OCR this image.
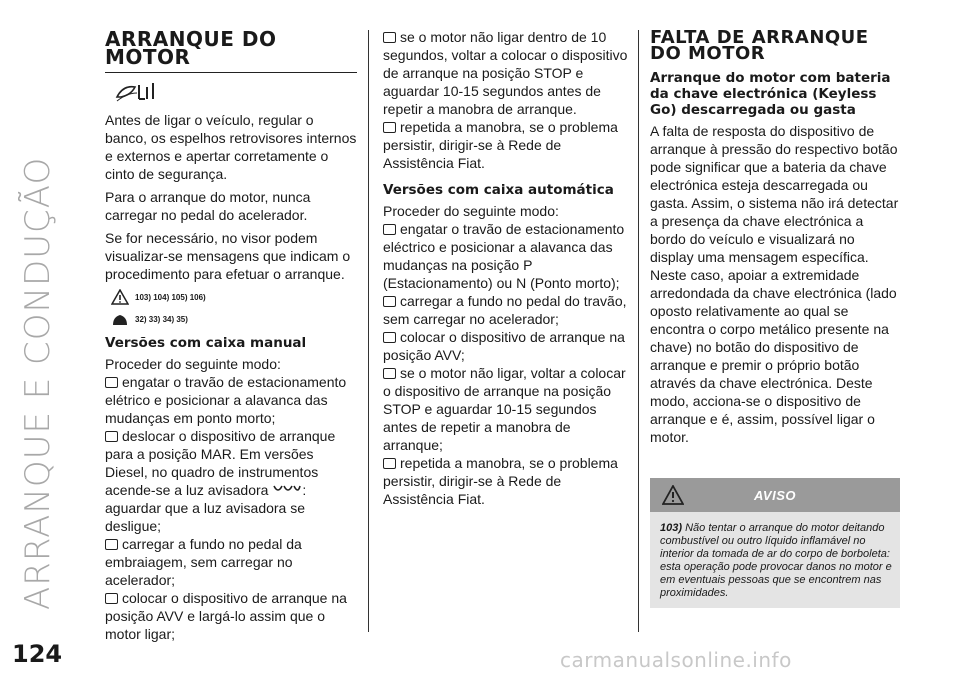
ARRANQUE E CONDUÇÃO
124	carmanualsonline.info
ARRANQUE DO MOTOR

Antes de ligar o veículo, regular o banco, os espelhos retrovisores internos e externos e apertar corretamente o cinto de segurança.

Para o arranque do motor, nunca carregar no pedal do acelerador.

Se for necessário, no visor podem visualizar-se mensagens que indicam o procedimento para efetuar o arranque.

103) 104) 105) 106)
32) 33) 34) 35)
Versões com caixa manual
Proceder do seguinte modo:
engatar o travão de estacionamento elétrico e posicionar a alavanca das mudanças em ponto morto;
deslocar o dispositivo de arranque para a posição MAR. Em versões Diesel, no quadro de instrumentos acende-se a luz avisadora :
aguardar que a luz avisadora se desligue;
carregar a fundo no pedal da embraiagem, sem carregar no acelerador;
colocar o dispositivo de arranque na posição AVV e largá-lo assim que o motor ligar;
se o motor não ligar dentro de 10 segundos, voltar a colocar o dispositivo de arranque na posição STOP e aguardar 10-15 segundos antes de repetir a manobra de arranque.
repetida a manobra, se o problema persistir, dirigir-se à Rede de Assistência Fiat.
Versões com caixa automática
Proceder do seguinte modo:
engatar o travão de estacionamento eléctrico e posicionar a alavanca das mudanças na posição P (Estacionamento) ou N (Ponto morto);
carregar a fundo no pedal do travão, sem carregar no acelerador;
colocar o dispositivo de arranque na posição AVV;
se o motor não ligar, voltar a colocar o dispositivo de arranque na posição STOP e aguardar 10-15 segundos antes de repetir a manobra de arranque;
repetida a manobra, se o problema persistir, dirigir-se à Rede de Assistência Fiat.
FALTA DE ARRANQUE DO MOTOR
Arranque do motor com bateria da chave electrónica (Keyless Go) descarregada ou gasta

A falta de resposta do dispositivo de arranque à pressão do respectivo botão pode significar que a bateria da chave electrónica esteja descarregada ou gasta. Assim, o sistema não irá detectar a presença da chave electrónica a bordo do veículo e visualizará no display uma mensagem específica. Neste caso, apoiar a extremidade arredondada da chave electrónica (lado oposto relativamente ao qual se encontra o corpo metálico presente na chave) no botão do dispositivo de arranque e premir o próprio botão através da chave electrónica. Deste modo, acciona-se o dispositivo de arranque e é, assim, possível ligar o motor.

AVISO
103) Não tentar o arranque do motor deitando combustível ou outro líquido inflamável no interior da tomada de ar do corpo de borboleta: esta operação pode provocar danos no motor e em eventuais pessoas que se encontrem nas proximidades.
